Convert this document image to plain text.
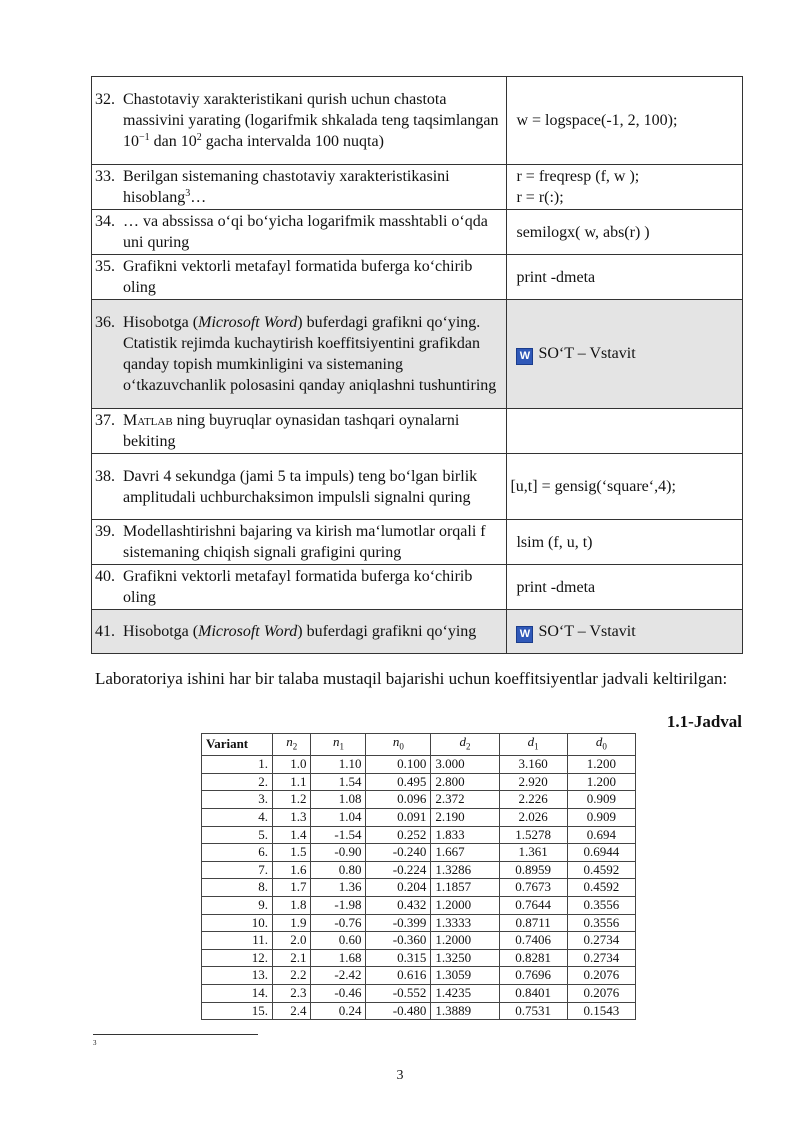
32. Chastotaviy xarakteristikani qurish uchun chastota massivini yarating (logarifmik shkalada teng taqsimlangan $10^{-1}$ dan $10^2$ gacha intervalda 100 nuqta)	w = logspace(-1, 2, 100);

33. Berilgan sistemaning chastotaviy xarakteristikasini hisoblang$^3$…	r = freqresp (f, w );
r = r(:);

34. … va abssissa o‘qi bo‘yicha logarifmik masshtabli o‘qda uni quring	semilogx( w, abs(r) )

35. Grafikni vektorli metafayl formatida buferga ko‘chirib oling	print -dmeta

36. Hisobotga (Microsoft Word) buferdagi grafikni qo‘ying. Ctatistik rejimda kuchaytirish koeffitsiyentini grafikdan qanday topish mumkinligini va sistemaning o‘tkazuvchanlik polosasini qanday aniqlashni tushuntiring	W SO‘T – Vstavit

37. Matlab ning buyruqlar oynasidan tashqari oynalarni bekiting	

38. Davri 4 sekundga (jami 5 ta impuls) teng bo‘lgan birlik amplitudali uchburchaksimon impulsli signalni quring	[u,t] = gensig(‘square‘,4);

39. Modellashtirishni bajaring va kirish ma‘lumotlar orqali f sistemaning chiqish signali grafigini quring	lsim (f, u, t)

40. Grafikni vektorli metafayl formatida buferga ko‘chirib oling	print -dmeta

41. Hisobotga (Microsoft Word) buferdagi grafikni qo‘ying	W SO‘T – Vstavit

Laboratoriya ishini har bir talaba mustaqil bajarishi uchun koeffitsiyentlar jadvali keltirilgan:

1.1-Jadval

Variant	$n_2$	$n_1$	$n_0$	$d_2$	$d_1$	$d_0$
1.	1.0	1.10	0.100	3.000	3.160	1.200
2.	1.1	1.54	0.495	2.800	2.920	1.200
3.	1.2	1.08	0.096	2.372	2.226	0.909
4.	1.3	1.04	0.091	2.190	2.026	0.909
5.	1.4	-1.54	0.252	1.833	1.5278	0.694
6.	1.5	-0.90	-0.240	1.667	1.361	0.6944
7.	1.6	0.80	-0.224	1.3286	0.8959	0.4592
8.	1.7	1.36	0.204	1.1857	0.7673	0.4592
9.	1.8	-1.98	0.432	1.2000	0.7644	0.3556
10.	1.9	-0.76	-0.399	1.3333	0.8711	0.3556
11.	2.0	0.60	-0.360	1.2000	0.7406	0.2734
12.	2.1	1.68	0.315	1.3250	0.8281	0.2734
13.	2.2	-2.42	0.616	1.3059	0.7696	0.2076
14.	2.3	-0.46	-0.552	1.4235	0.8401	0.2076
15.	2.4	0.24	-0.480	1.3889	0.7531	0.1543
3
3
